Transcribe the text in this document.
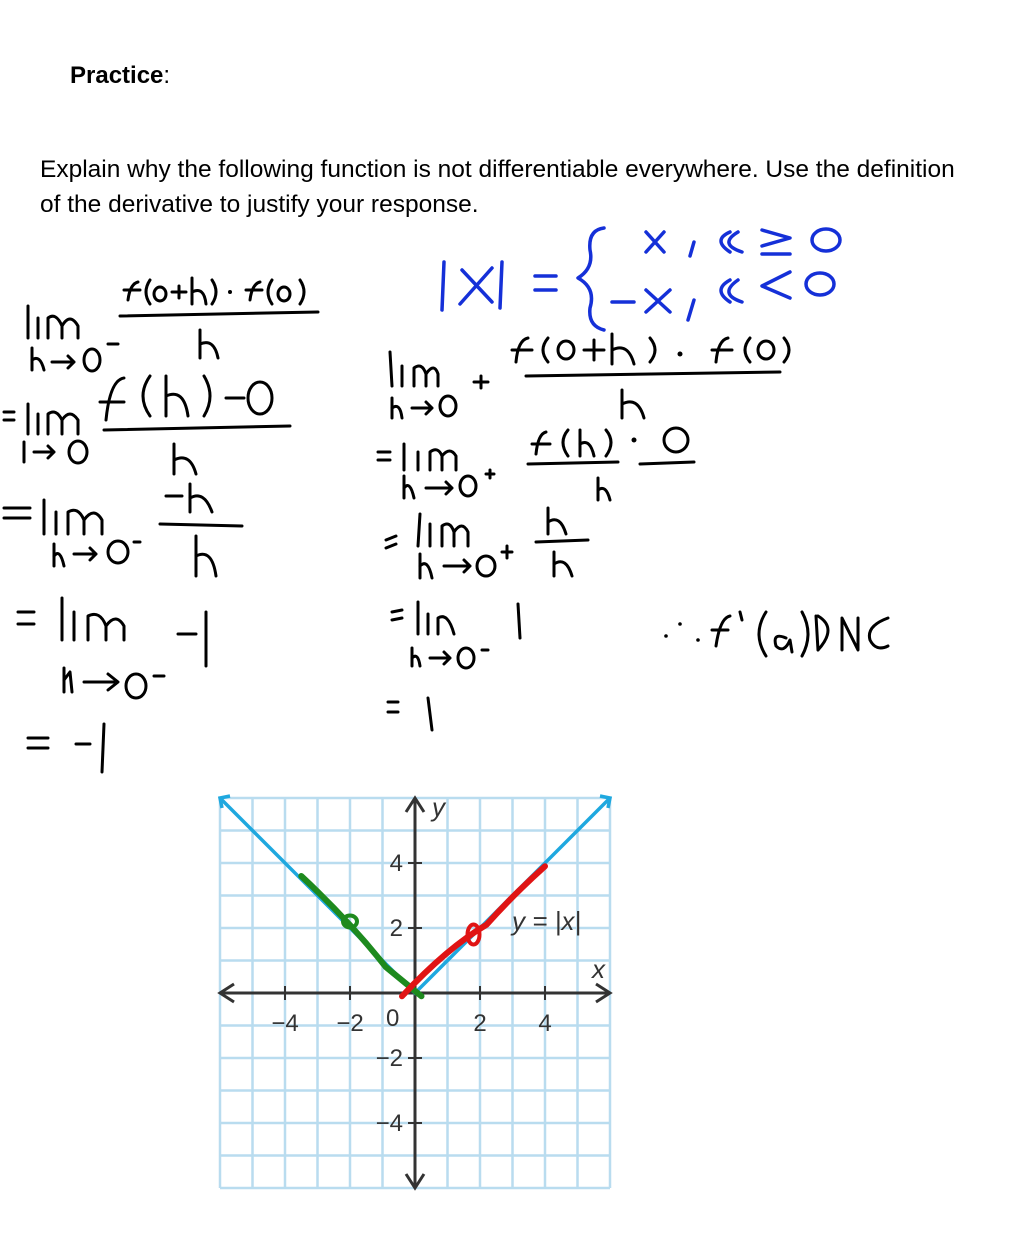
Practice:
Explain why the following function is not differentiable everywhere. Use the definition of the derivative to justify your response.
−4 −2	2 4
4
2
−2
−4
y
x
y = |x|
0
